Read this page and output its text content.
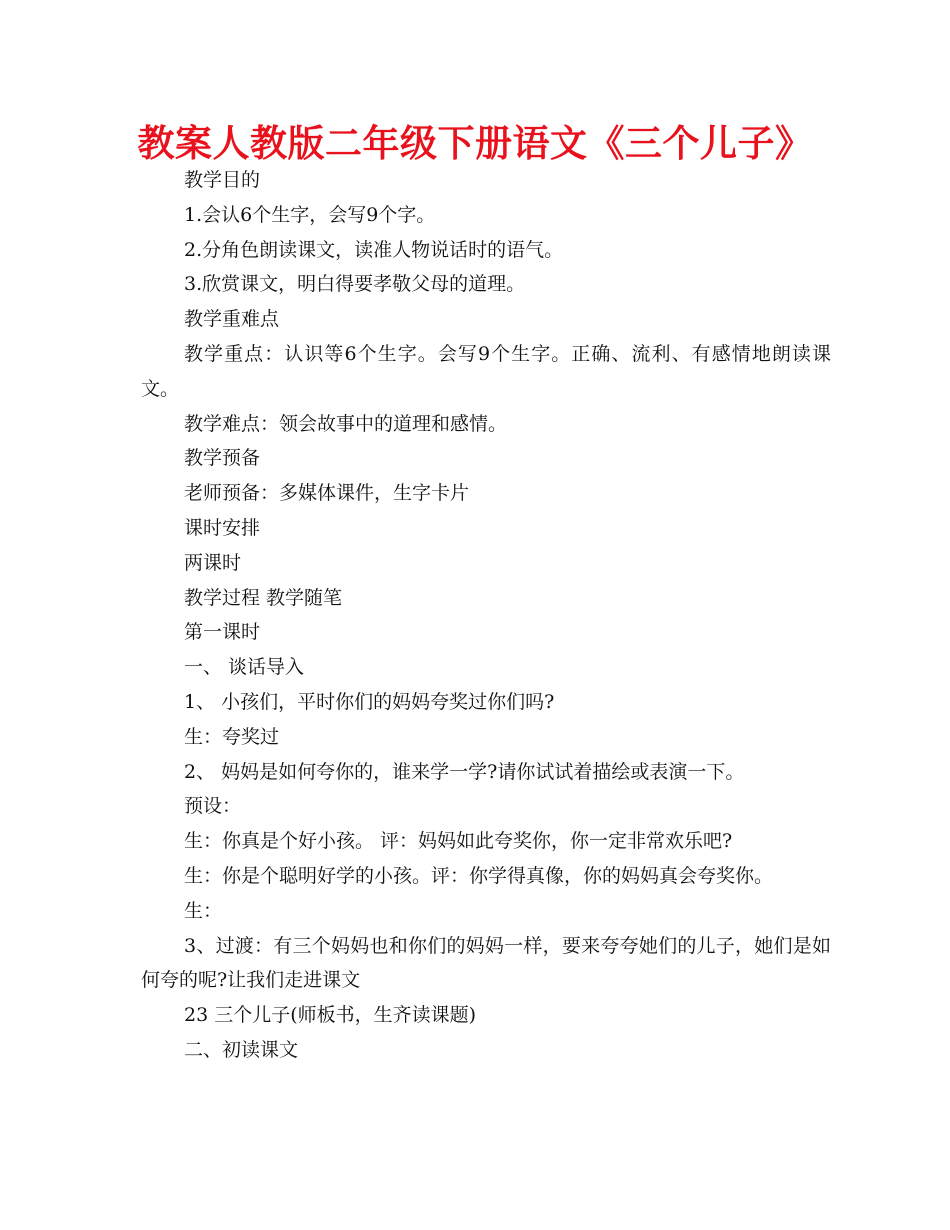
教案人教版二年级下册语文《三个儿子》

教学目的

1.会认6个生字，会写9个字。

2.分角色朗读课文，读准人物说话时的语气。

3.欣赏课文，明白得要孝敬父母的道理。

教学重难点

教学重点：认识等6个生字。会写9个生字。正确、流利、有感情地朗读课文。

教学难点：领会故事中的道理和感情。

教学预备

老师预备：多媒体课件，生字卡片

课时安排

两课时

教学过程 教学随笔

第一课时

一、 谈话导入

1、 小孩们，平时你们的妈妈夸奖过你们吗?

生：夸奖过

2、 妈妈是如何夸你的，谁来学一学?请你试试着描绘或表演一下。

预设：

生：你真是个好小孩。 评：妈妈如此夸奖你，你一定非常欢乐吧?

生：你是个聪明好学的小孩。评：你学得真像，你的妈妈真会夸奖你。

生：

3、过渡：有三个妈妈也和你们的妈妈一样，要来夸夸她们的儿子，她们是如何夸的呢?让我们走进课文

23 三个儿子(师板书，生齐读课题)

二、初读课文
